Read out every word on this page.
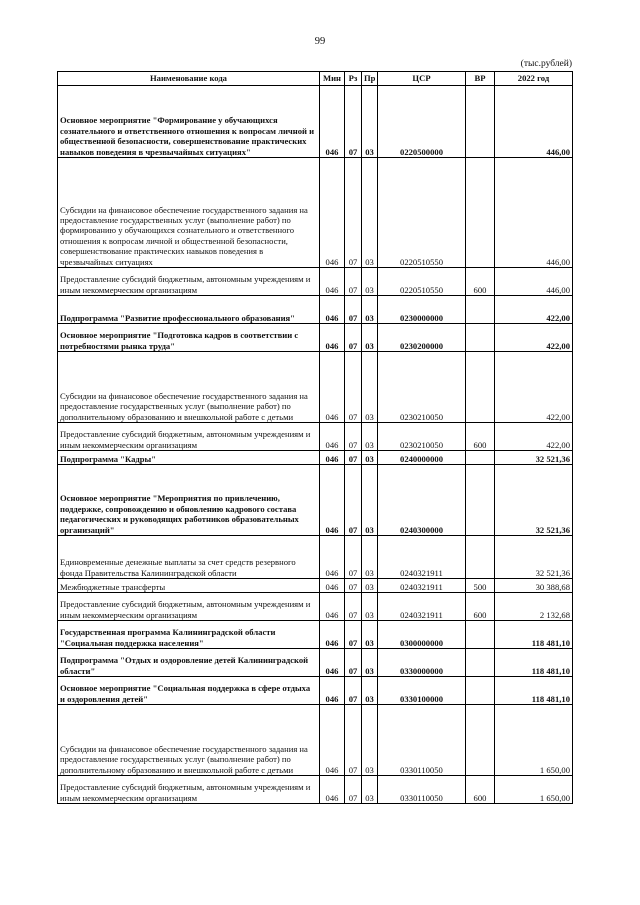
99
(тыс.рублей)
Наименование кода	Мин	Рз	Пр	ЦСР	ВР	2022 год
Основное мероприятие "Формирование у обучающихся сознательного и ответственного отношения к вопросам личной и общественной безопасности, совершенствование практических навыков поведения в чрезвычайных ситуациях"	046	07	03	0220500000		446,00
Субсидии на финансовое обеспечение государственного задания на предоставление государственных услуг (выполнение работ) по формированию у обучающихся сознательного и ответственного отношения к вопросам личной и общественной безопасности, совершенствование практических навыков поведения в чрезвычайных ситуациях	046	07	03	0220510550		446,00
Предоставление субсидий бюджетным, автономным учреждениям и иным некоммерческим организациям	046	07	03	0220510550	600	446,00
Подпрограмма "Развитие профессионального образования"	046	07	03	0230000000		422,00
Основное мероприятие "Подготовка кадров в соответствии с потребностями рынка труда"	046	07	03	0230200000		422,00
Субсидии на финансовое обеспечение государственного задания на предоставление государственных услуг (выполнение работ) по дополнительному образованию и внешкольной работе с детьми	046	07	03	0230210050		422,00
Предоставление субсидий бюджетным, автономным учреждениям и иным некоммерческим организациям	046	07	03	0230210050	600	422,00
Подпрограмма "Кадры"	046	07	03	0240000000		32 521,36
Основное мероприятие "Мероприятия по привлечению, поддержке, сопровождению и обновлению кадрового состава педагогических и руководящих работников образовательных организаций"	046	07	03	0240300000		32 521,36
Единовременные денежные выплаты за счет средств резервного фонда Правительства Калининградской области	046	07	03	0240321911		32 521,36
Межбюджетные трансферты	046	07	03	0240321911	500	30 388,68
Предоставление субсидий бюджетным, автономным учреждениям и иным некоммерческим организациям	046	07	03	0240321911	600	2 132,68
Государственная программа Калининградской области "Социальная поддержка населения"	046	07	03	0300000000		118 481,10
Подпрограмма "Отдых и оздоровление детей Калининградской области"	046	07	03	0330000000		118 481,10
Основное мероприятие "Социальная поддержка в сфере отдыха и оздоровления детей"	046	07	03	0330100000		118 481,10
Субсидии на финансовое обеспечение государственного задания на предоставление государственных услуг (выполнение работ) по дополнительному образованию и внешкольной работе с детьми	046	07	03	0330110050		1 650,00
Предоставление субсидий бюджетным, автономным учреждениям и иным некоммерческим организациям	046	07	03	0330110050	600	1 650,00
